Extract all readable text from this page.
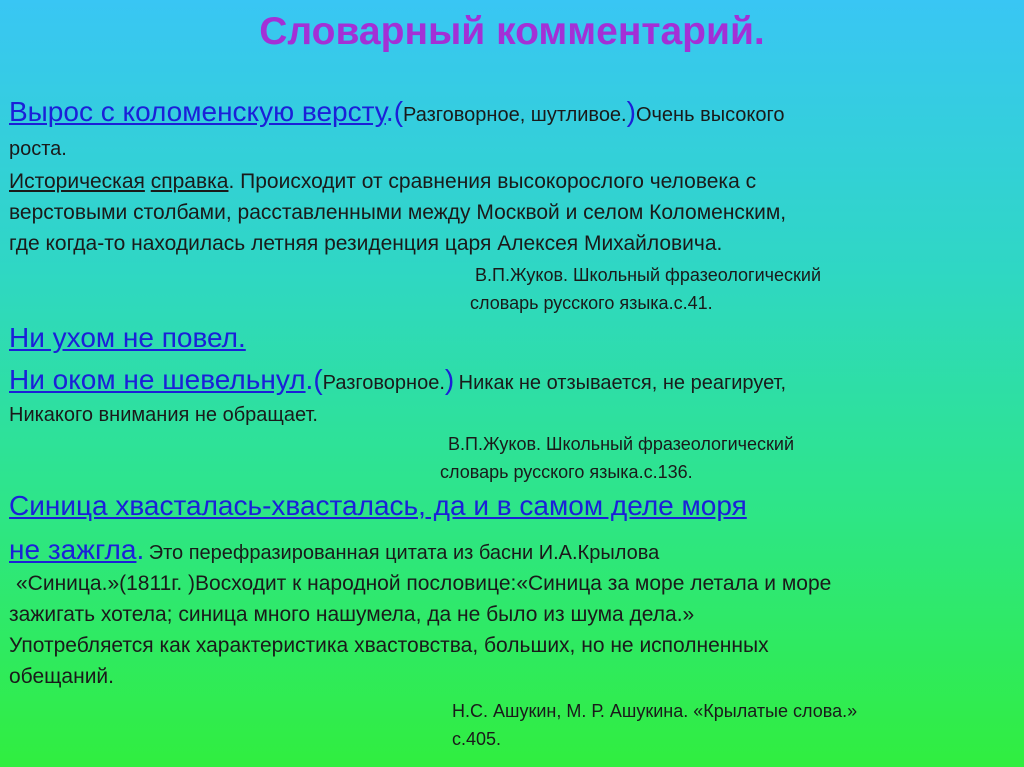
Словарный комментарий.
Вырос с коломенскую версту.(Разговорное, шутливое.)Очень высокого
роста.
Историческая справка. Происходит от сравнения высокорослого человека с
верстовыми столбами, расставленными между Москвой и селом Коломенским,
где когда-то находилась летняя резиденция царя Алексея Михайловича.
В.П.Жуков. Школьный фразеологический
словарь русского языка.с.41.
Ни ухом не повел.
Ни оком не шевельнул.(Разговорное.) Никак не отзывается, не реагирует,
Никакого внимания не обращает.
В.П.Жуков. Школьный фразеологический
словарь русского языка.с.136.
Синица хвасталась-хвасталась, да и в самом деле моря
не зажгла. Это перефразированная цитата из басни И.А.Крылова
«Синица.»(1811г. )Восходит к народной пословице:«Синица за море летала и море
зажигать хотела; синица много нашумела, да не было из шума дела.»
Употребляется как характеристика хвастовства, больших, но не исполненных
обещаний.
Н.С. Ашукин, М. Р. Ашукина. «Крылатые слова.»
с.405.
